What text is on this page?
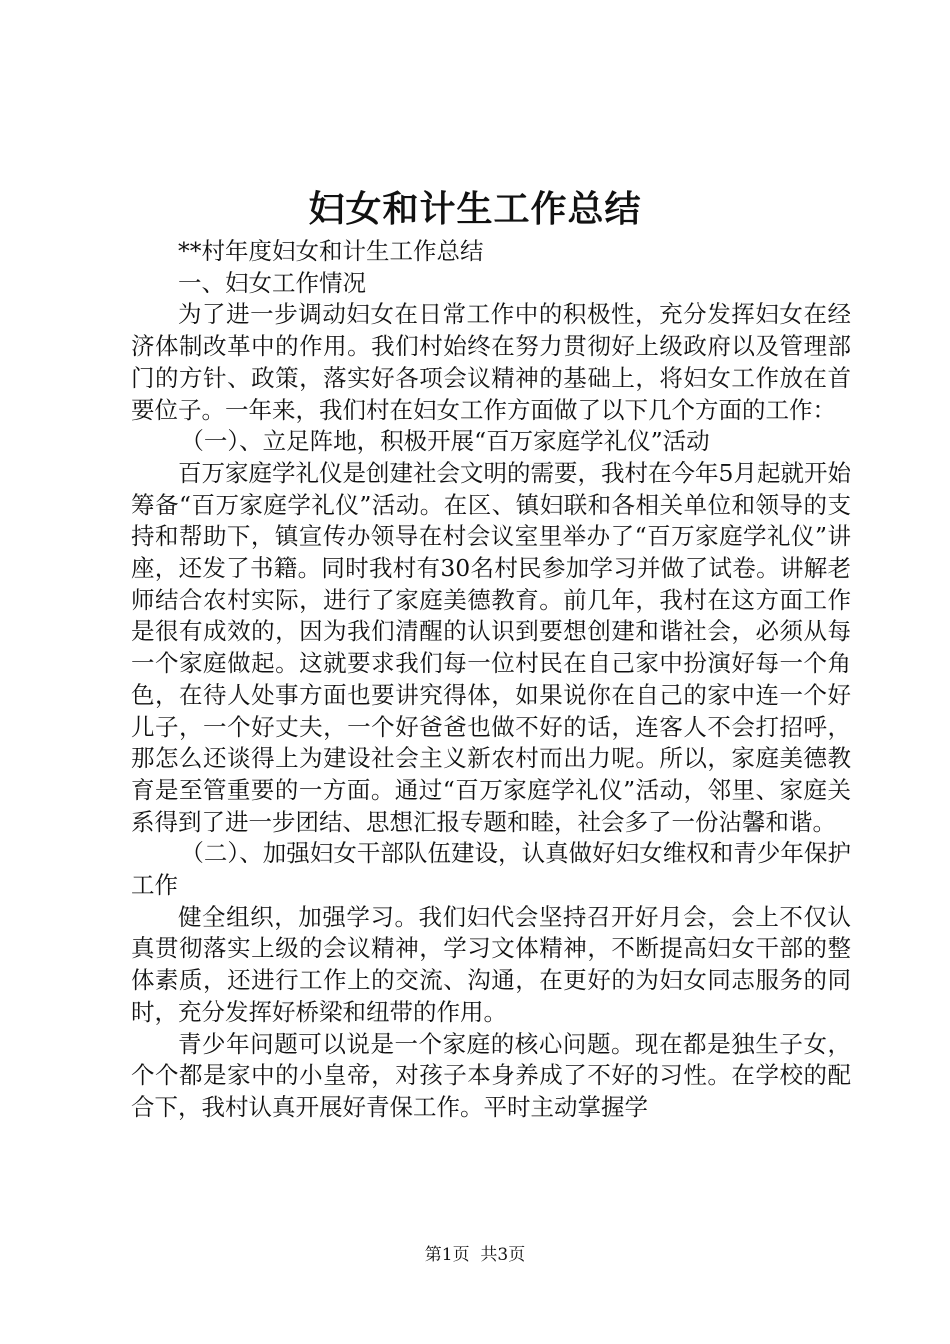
妇女和计生工作总结

**村年度妇女和计生工作总结

一、妇女工作情况

为了进一步调动妇女在日常工作中的积极性，充分发挥妇女在经济体制改革中的作用。我们村始终在努力贯彻好上级政府以及管理部门的方针、政策，落实好各项会议精神的基础上，将妇女工作放在首要位子。一年来，我们村在妇女工作方面做了以下几个方面的工作：

（一）、立足阵地，积极开展“百万家庭学礼仪”活动

百万家庭学礼仪是创建社会文明的需要，我村在今年5月起就开始筹备“百万家庭学礼仪”活动。在区、镇妇联和各相关单位和领导的支持和帮助下，镇宣传办领导在村会议室里举办了“百万家庭学礼仪”讲座，还发了书籍。同时我村有30名村民参加学习并做了试卷。讲解老师结合农村实际，进行了家庭美德教育。前几年，我村在这方面工作是很有成效的，因为我们清醒的认识到要想创建和谐社会，必须从每一个家庭做起。这就要求我们每一位村民在自己家中扮演好每一个角色，在待人处事方面也要讲究得体，如果说你在自己的家中连一个好儿子，一个好丈夫，一个好爸爸也做不好的话，连客人不会打招呼，那怎么还谈得上为建设社会主义新农村而出力呢。所以，家庭美德教育是至管重要的一方面。通过“百万家庭学礼仪”活动，邻里、家庭关系得到了进一步团结、思想汇报专题和睦，社会多了一份沾馨和谐。

（二）、加强妇女干部队伍建设，认真做好妇女维权和青少年保护工作

健全组织，加强学习。我们妇代会坚持召开好月会，会上不仅认真贯彻落实上级的会议精神，学习文体精神，不断提高妇女干部的整体素质，还进行工作上的交流、沟通，在更好的为妇女同志服务的同时，充分发挥好桥梁和纽带的作用。

青少年问题可以说是一个家庭的核心问题。现在都是独生子女，个个都是家中的小皇帝，对孩子本身养成了不好的习性。在学校的配合下，我村认真开展好青保工作。平时主动掌握学

第1页 共3页
